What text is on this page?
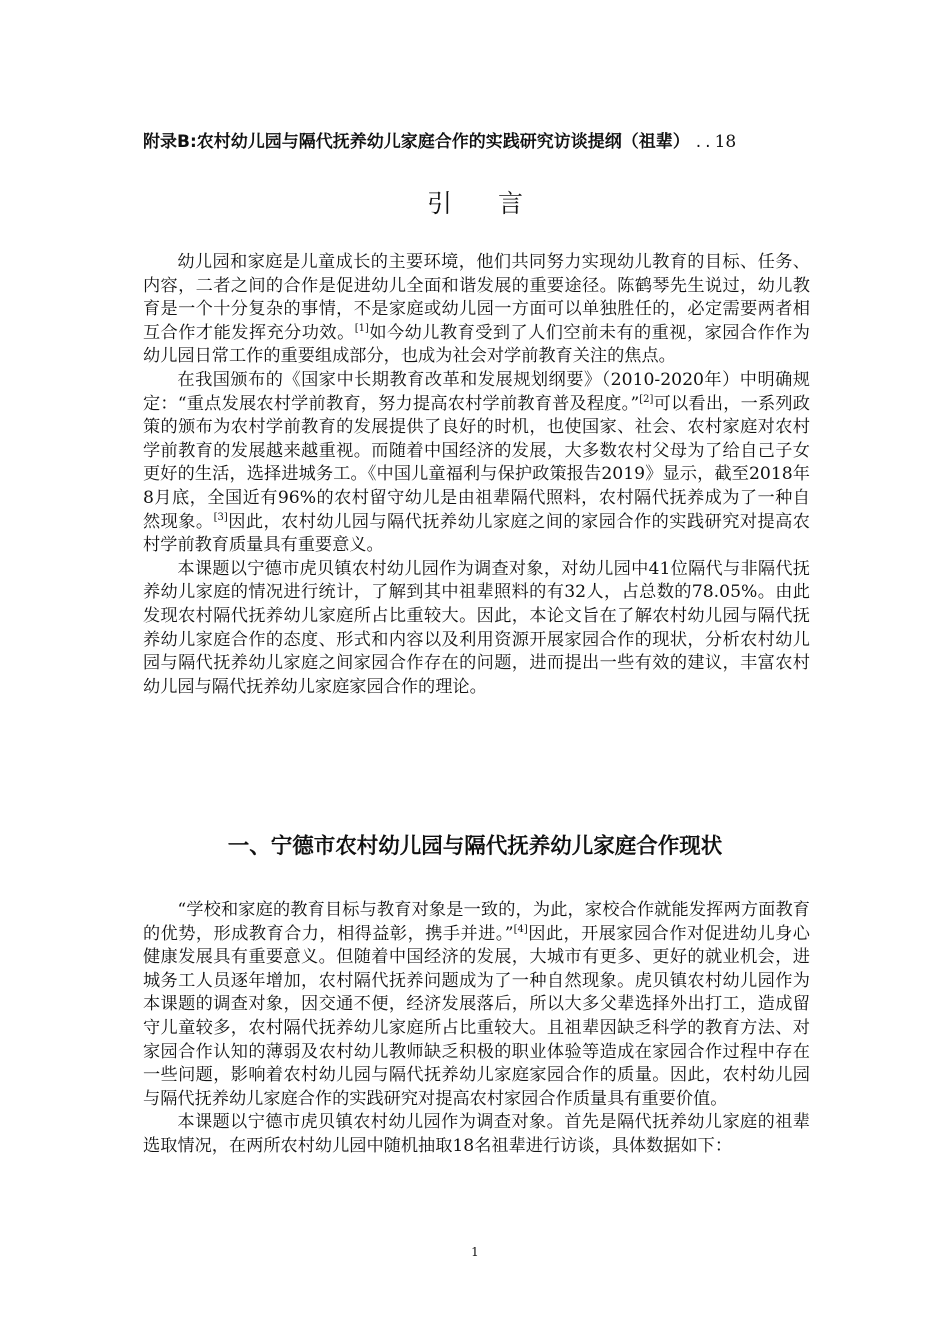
附录B:农村幼儿园与隔代抚养幼儿家庭合作的实践研究访谈提纲（祖辈） .. 18
引言

幼儿园和家庭是儿童成长的主要环境，他们共同努力实现幼儿教育的目标、任务、内容，二者之间的合作是促进幼儿全面和谐发展的重要途径。陈鹤琴先生说过，幼儿教育是一个十分复杂的事情，不是家庭或幼儿园一方面可以单独胜任的，必定需要两者相互合作才能发挥充分功效。[1]如今幼儿教育受到了人们空前未有的重视，家园合作作为幼儿园日常工作的重要组成部分，也成为社会对学前教育关注的焦点。

在我国颁布的《国家中长期教育改革和发展规划纲要》（2010-2020年）中明确规定：“重点发展农村学前教育，努力提高农村学前教育普及程度。”[2]可以看出，一系列政策的颁布为农村学前教育的发展提供了良好的时机，也使国家、社会、农村家庭对农村学前教育的发展越来越重视。而随着中国经济的发展，大多数农村父母为了给自己子女更好的生活，选择进城务工。《中国儿童福利与保护政策报告2019》显示，截至2018年8月底，全国近有96%的农村留守幼儿是由祖辈隔代照料，农村隔代抚养成为了一种自然现象。[3]因此，农村幼儿园与隔代抚养幼儿家庭之间的家园合作的实践研究对提高农村学前教育质量具有重要意义。

本课题以宁德市虎贝镇农村幼儿园作为调查对象，对幼儿园中41位隔代与非隔代抚养幼儿家庭的情况进行统计，了解到其中祖辈照料的有32人，占总数的78.05%。由此发现农村隔代抚养幼儿家庭所占比重较大。因此，本论文旨在了解农村幼儿园与隔代抚养幼儿家庭合作的态度、形式和内容以及利用资源开展家园合作的现状，分析农村幼儿园与隔代抚养幼儿家庭之间家园合作存在的问题，进而提出一些有效的建议，丰富农村幼儿园与隔代抚养幼儿家庭家园合作的理论。

一、宁德市农村幼儿园与隔代抚养幼儿家庭合作现状

“学校和家庭的教育目标与教育对象是一致的，为此，家校合作就能发挥两方面教育的优势，形成教育合力，相得益彰，携手并进。”[4]因此，开展家园合作对促进幼儿身心健康发展具有重要意义。但随着中国经济的发展，大城市有更多、更好的就业机会，进城务工人员逐年增加，农村隔代抚养问题成为了一种自然现象。虎贝镇农村幼儿园作为本课题的调查对象，因交通不便，经济发展落后，所以大多父辈选择外出打工，造成留守儿童较多，农村隔代抚养幼儿家庭所占比重较大。且祖辈因缺乏科学的教育方法、对家园合作认知的薄弱及农村幼儿教师缺乏积极的职业体验等造成在家园合作过程中存在一些问题，影响着农村幼儿园与隔代抚养幼儿家庭家园合作的质量。因此，农村幼儿园与隔代抚养幼儿家庭合作的实践研究对提高农村家园合作质量具有重要价值。

本课题以宁德市虎贝镇农村幼儿园作为调查对象。首先是隔代抚养幼儿家庭的祖辈选取情况，在两所农村幼儿园中随机抽取18名祖辈进行访谈，具体数据如下：

1
